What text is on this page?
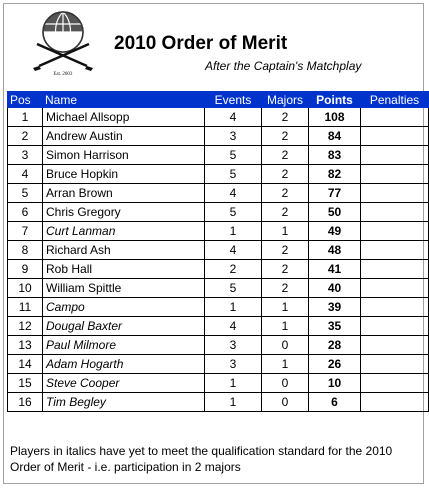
Est. 2003
2010 Order of Merit
After the Captain's Matchplay
Pos	Name	Events	Majors	Points	Penalties
1	Michael Allsopp	4	2	108	
2	Andrew Austin	3	2	84	
3	Simon Harrison	5	2	83	
4	Bruce Hopkin	5	2	82	
5	Arran Brown	4	2	77	
6	Chris Gregory	5	2	50	
7	Curt Lanman	1	1	49	
8	Richard Ash	4	2	48	
9	Rob Hall	2	2	41	
10	William Spittle	5	2	40	
11	Campo	1	1	39	
12	Dougal Baxter	4	1	35	
13	Paul Milmore	3	0	28	
14	Adam Hogarth	3	1	26	
15	Steve Cooper	1	0	10	
16	Tim Begley	1	0	6	
Players in italics have yet to meet the qualification standard for the 2010 Order of Merit - i.e. participation in 2 majors
